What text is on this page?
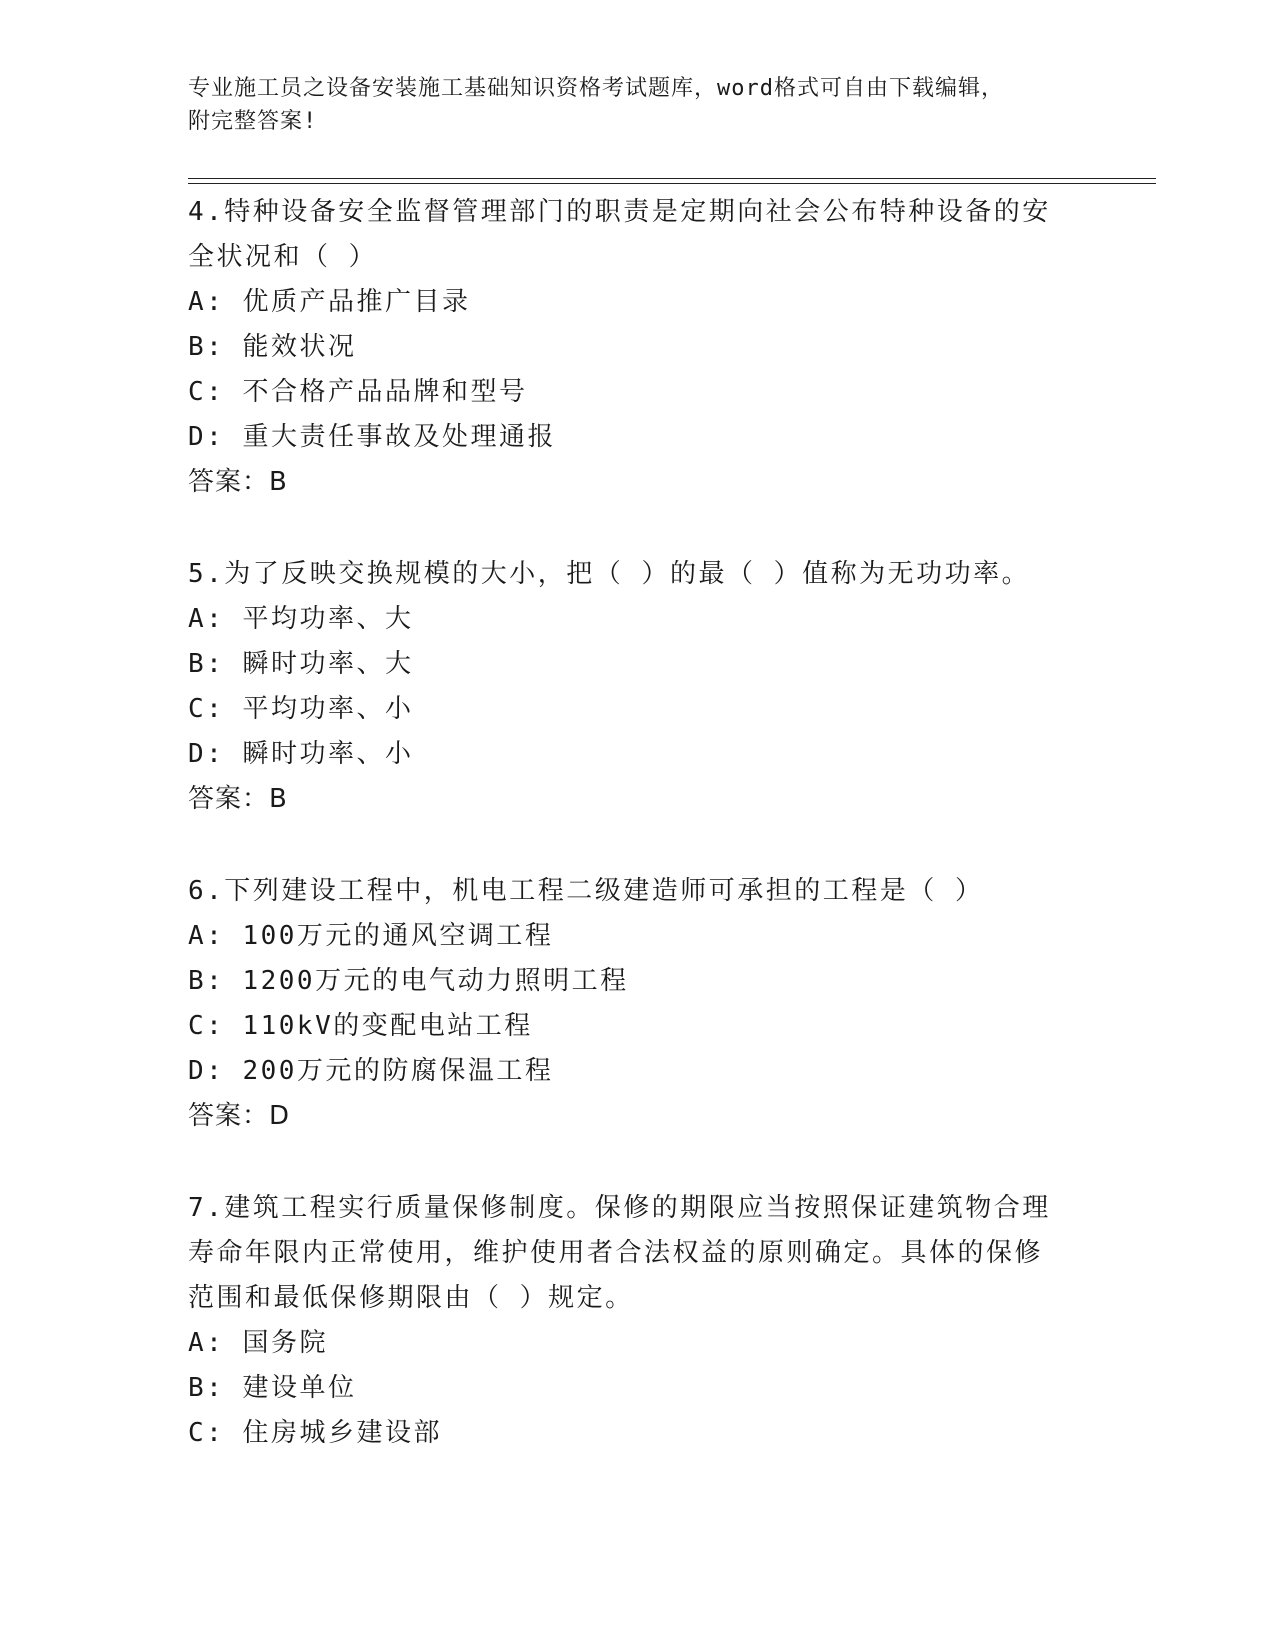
专业施工员之设备安装施工基础知识资格考试题库，word格式可自由下载编辑，
附完整答案!
4.特种设备安全监督管理部门的职责是定期向社会公布特种设备的安
全状况和（ ）
A: 优质产品推广目录
B: 能效状况
C: 不合格产品品牌和型号
D: 重大责任事故及处理通报
答案：B
5.为了反映交换规模的大小，把（ ）的最（ ）值称为无功功率。
A: 平均功率、大
B: 瞬时功率、大
C: 平均功率、小
D: 瞬时功率、小
答案：B
6.下列建设工程中，机电工程二级建造师可承担的工程是（ ）
A: 100万元的通风空调工程
B: 1200万元的电气动力照明工程
C: 110kV的变配电站工程
D: 200万元的防腐保温工程
答案：D
7.建筑工程实行质量保修制度。保修的期限应当按照保证建筑物合理
寿命年限内正常使用，维护使用者合法权益的原则确定。具体的保修
范围和最低保修期限由（ ）规定。
A: 国务院
B: 建设单位
C: 住房城乡建设部
